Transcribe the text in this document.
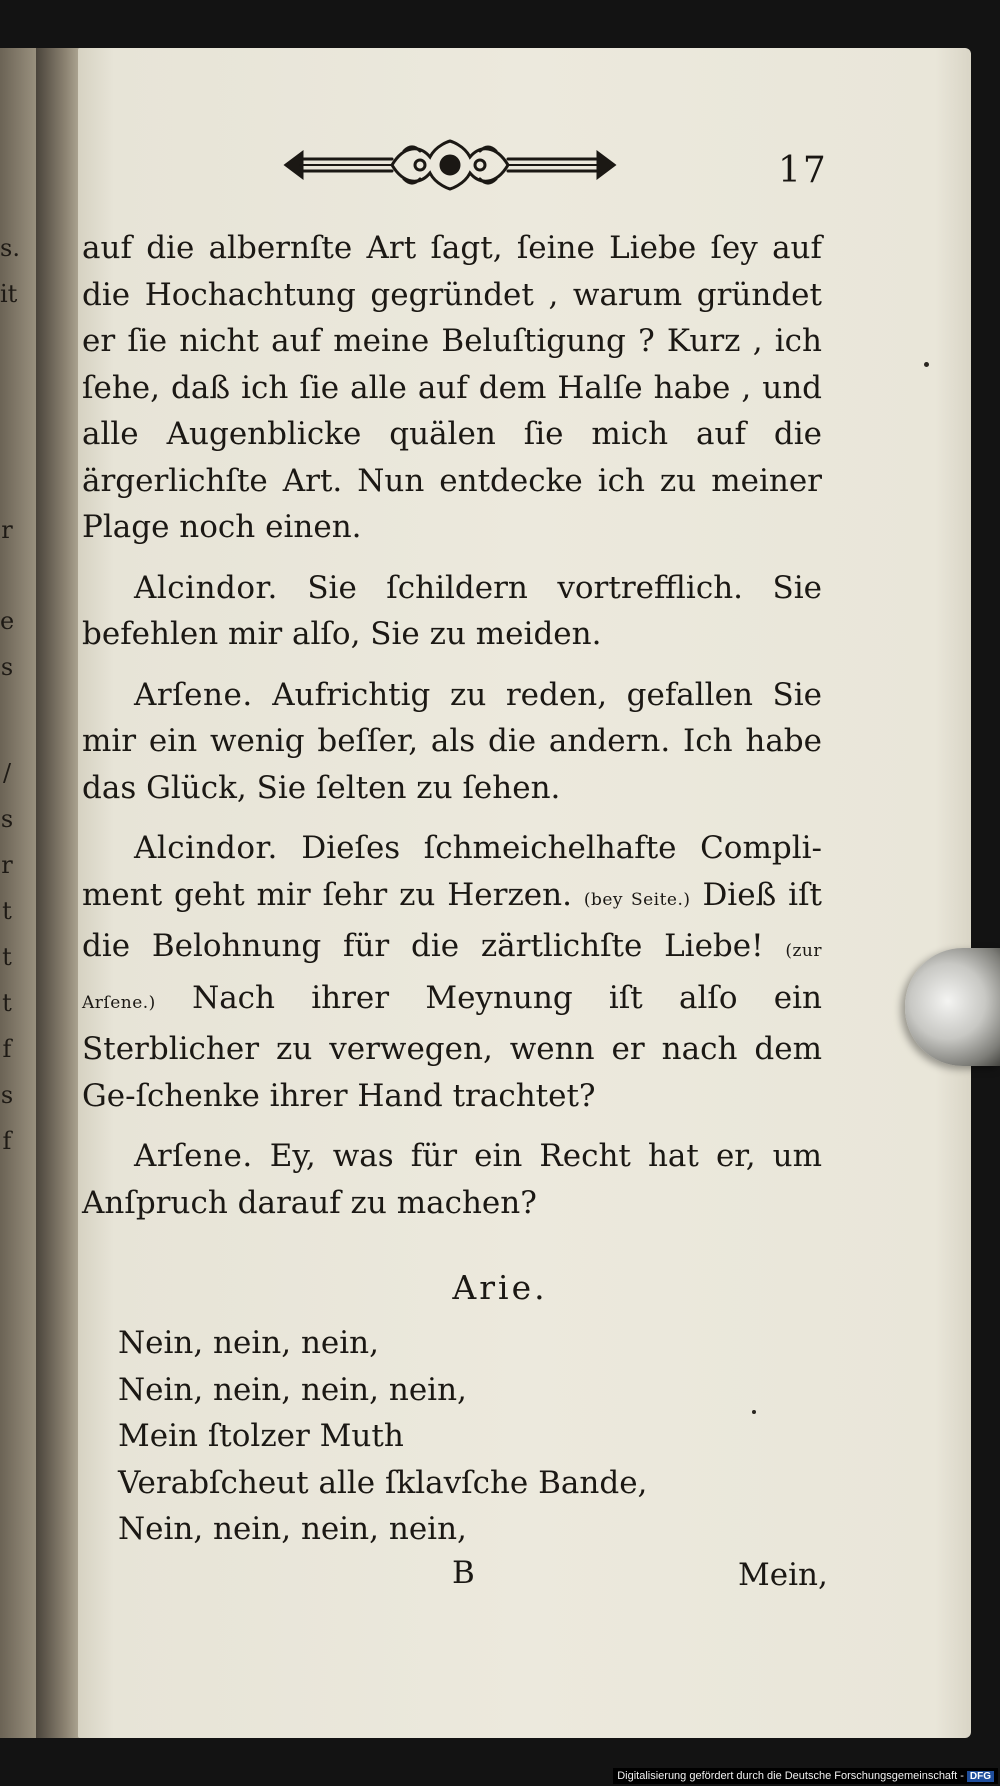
s.
it
r
e
s
/
s
r
t
t
t
f
s
f
17

auf die albernſte Art ſagt, ſeine Liebe ſey auf die Hochachtung gegründet , warum gründet er ſie nicht auf meine Beluſtigung ? Kurz , ich ſehe, daß ich ſie alle auf dem Halſe habe , und alle Augenblicke quälen ſie mich auf die ärgerlichſte Art. Nun entdecke ich zu meiner Plage noch einen.

Alcindor. Sie ſchildern vortrefflich. Sie befehlen mir alſo, Sie zu meiden.

Arſene. Aufrichtig zu reden, gefallen Sie mir ein wenig beſſer, als die andern. Ich habe das Glück, Sie ſelten zu ſehen.

Alcindor. Dieſes ſchmeichelhafte Compli-ment geht mir ſehr zu Herzen. (bey Seite.) Dieß iſt die Belohnung für die zärtlichſte Liebe! (zur Arſene.) Nach ihrer Meynung iſt alſo ein Sterblicher zu verwegen, wenn er nach dem Ge-ſchenke ihrer Hand trachtet?

Arſene. Ey, was für ein Recht hat er, um Anſpruch darauf zu machen?

Arie.
Nein, nein, nein,
Nein, nein, nein, nein,
Mein ſtolzer Muth
Verabſcheut alle ſklavſche Bande,
Nein, nein, nein, nein,
B	Mein,
Digitalisierung gefördert durch die Deutsche Forschungsgemeinschaft - DFG
